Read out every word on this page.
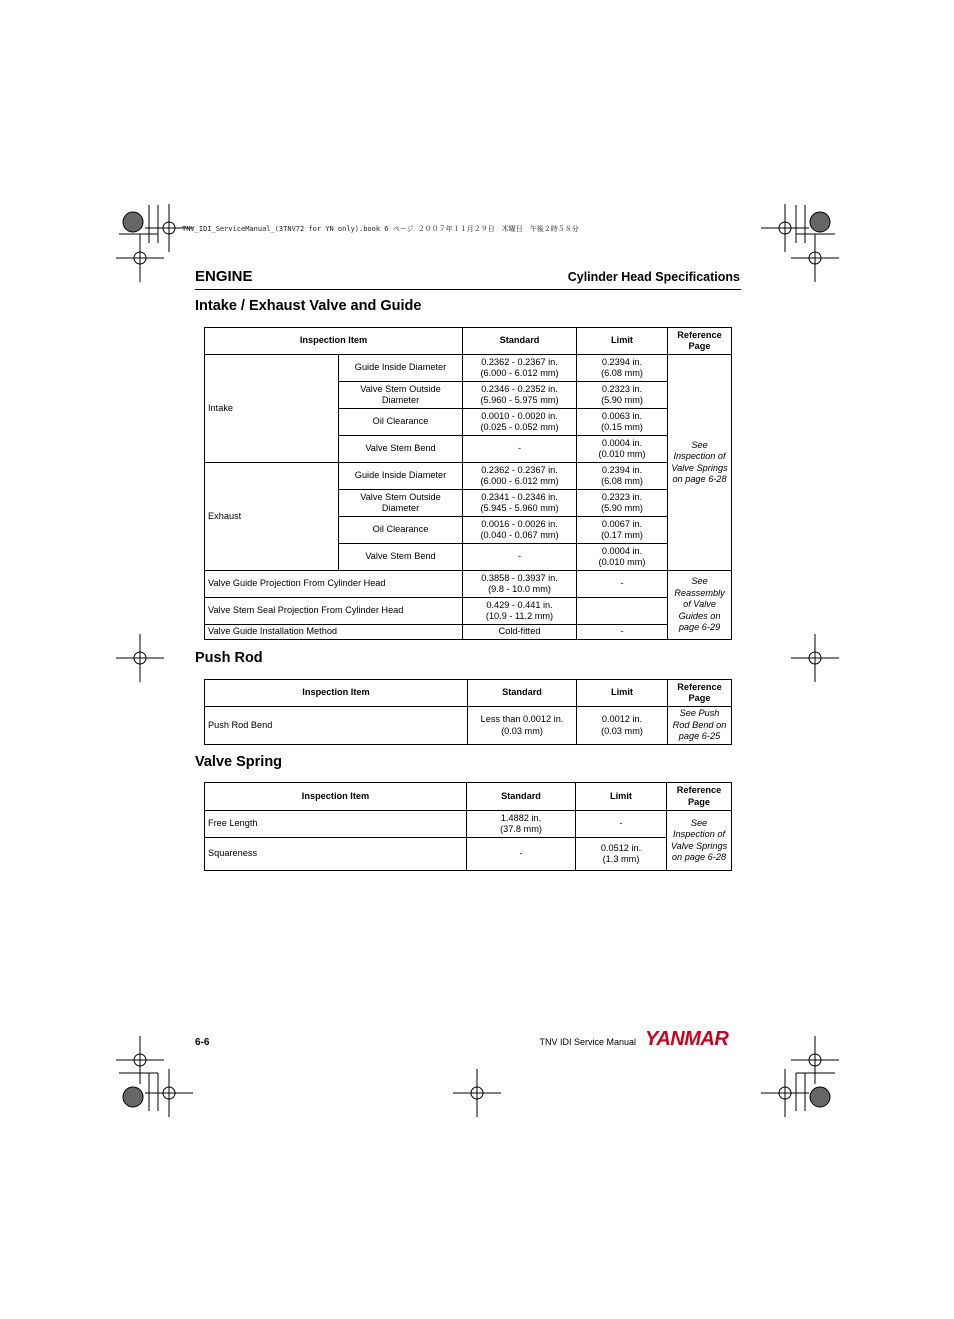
TNV_IDI_ServiceManual_(3TNV72 for YN only).book 6 ページ ２００７年１１月２９日　木曜日　午後２時５８分
ENGINE	Cylinder Head Specifications
Intake / Exhaust Valve and Guide
Inspection Item		Standard	Limit	Reference Page
Intake	Guide Inside Diameter	0.2362 - 0.2367 in.
(6.000 - 6.012 mm)	0.2394 in.
(6.08 mm)	See Inspection of Valve Springs on page 6-28
	Valve Stem Outside Diameter	0.2346 - 0.2352 in.
(5.960 - 5.975 mm)	0.2323 in.
(5.90 mm)	
	Oil Clearance	0.0010 - 0.0020 in.
(0.025 - 0.052 mm)	0.0063 in.
(0.15 mm)	
	Valve Stem Bend	-	0.0004 in.
(0.010 mm)	
Exhaust	Guide Inside Diameter	0.2362 - 0.2367 in.
(6.000 - 6.012 mm)	0.2394 in.
(6.08 mm)	
	Valve Stem Outside Diameter	0.2341 - 0.2346 in.
(5.945 - 5.960 mm)	0.2323 in.
(5.90 mm)	
	Oil Clearance	0.0016 - 0.0026 in.
(0.040 - 0.067 mm)	0.0067 in.
(0.17 mm)	
	Valve Stem Bend	-	0.0004 in.
(0.010 mm)	
Valve Guide Projection From Cylinder Head		0.3858 - 0.3937 in.
(9.8 - 10.0 mm)	-	See Reassembly of Valve Guides on page 6-29
Valve Stem Seal Projection From Cylinder Head		0.429 - 0.441 in.
(10.9 - 11.2 mm)		
Valve Guide Installation Method		Cold-fitted	-	
Push Rod
Inspection Item	Standard	Limit	Reference Page
Push Rod Bend	Less than 0.0012 in.
(0.03 mm)	0.0012 in.
(0.03 mm)	See Push Rod Bend on page 6-25
Valve Spring
Inspection Item	Standard	Limit	Reference Page
Free Length	1.4882 in.
(37.8 mm)	-	See Inspection of Valve Springs on page 6-28
Squareness	-	0.0512 in.
(1.3 mm)	
6-6	TNV IDI Service Manual YANMAR
